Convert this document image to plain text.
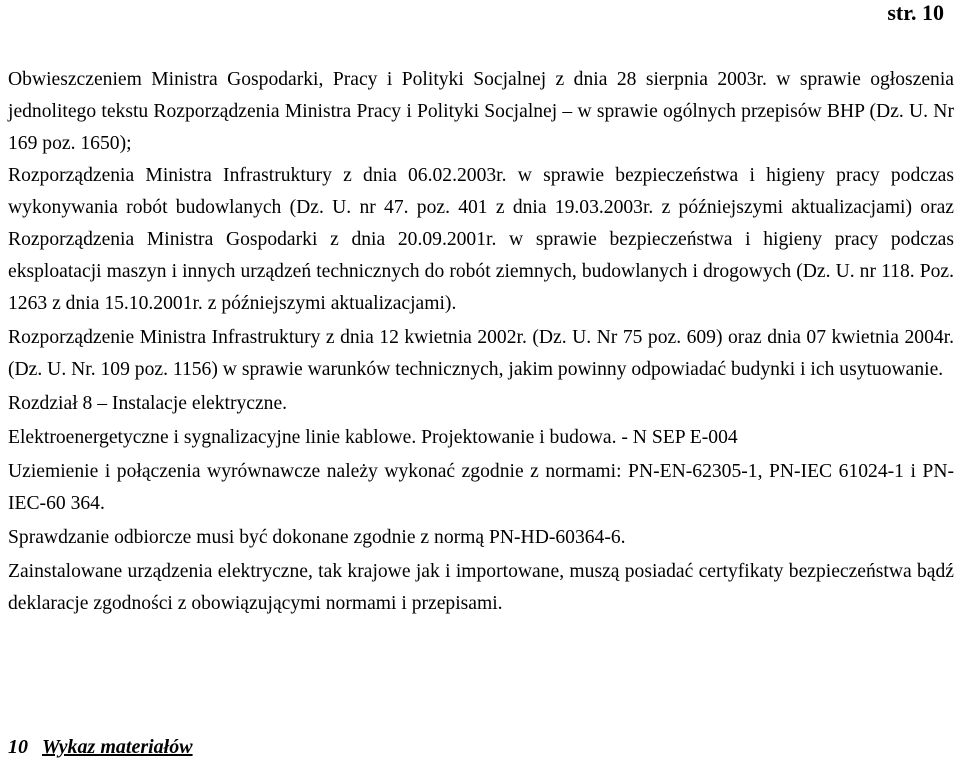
str. 10

Obwieszczeniem Ministra Gospodarki, Pracy i Polityki Socjalnej z dnia 28 sierpnia 2003r. w sprawie ogłoszenia jednolitego tekstu Rozporządzenia Ministra Pracy i Polityki Socjalnej – w sprawie ogólnych przepisów BHP (Dz. U. Nr 169 poz. 1650);

Rozporządzenia Ministra Infrastruktury z dnia 06.02.2003r. w sprawie bezpieczeństwa i higieny pracy podczas wykonywania robót budowlanych (Dz. U. nr 47. poz. 401 z dnia 19.03.2003r. z późniejszymi aktualizacjami) oraz Rozporządzenia Ministra Gospodarki z dnia 20.09.2001r. w sprawie bezpieczeństwa i higieny pracy podczas eksploatacji maszyn i innych urządzeń technicznych do robót ziemnych, budowlanych i drogowych (Dz. U. nr 118. Poz. 1263 z dnia 15.10.2001r. z późniejszymi aktualizacjami).

Rozporządzenie Ministra Infrastruktury z dnia 12 kwietnia 2002r. (Dz. U. Nr 75 poz. 609) oraz dnia 07 kwietnia 2004r. (Dz. U. Nr. 109 poz. 1156) w sprawie warunków technicznych, jakim powinny odpowiadać budynki i ich usytuowanie.

Rozdział 8 – Instalacje elektryczne.

Elektroenergetyczne i sygnalizacyjne linie kablowe. Projektowanie i budowa. - N SEP E-004

Uziemienie i połączenia wyrównawcze należy wykonać zgodnie z normami: PN-EN-62305-1, PN-IEC 61024-1 i PN-IEC-60 364.

Sprawdzanie odbiorcze musi być dokonane zgodnie z normą PN-HD-60364-6.

Zainstalowane urządzenia elektryczne, tak krajowe jak i importowane, muszą posiadać certyfikaty bezpieczeństwa bądź deklaracje zgodności z obowiązującymi normami i przepisami.

10 Wykaz materiałów
